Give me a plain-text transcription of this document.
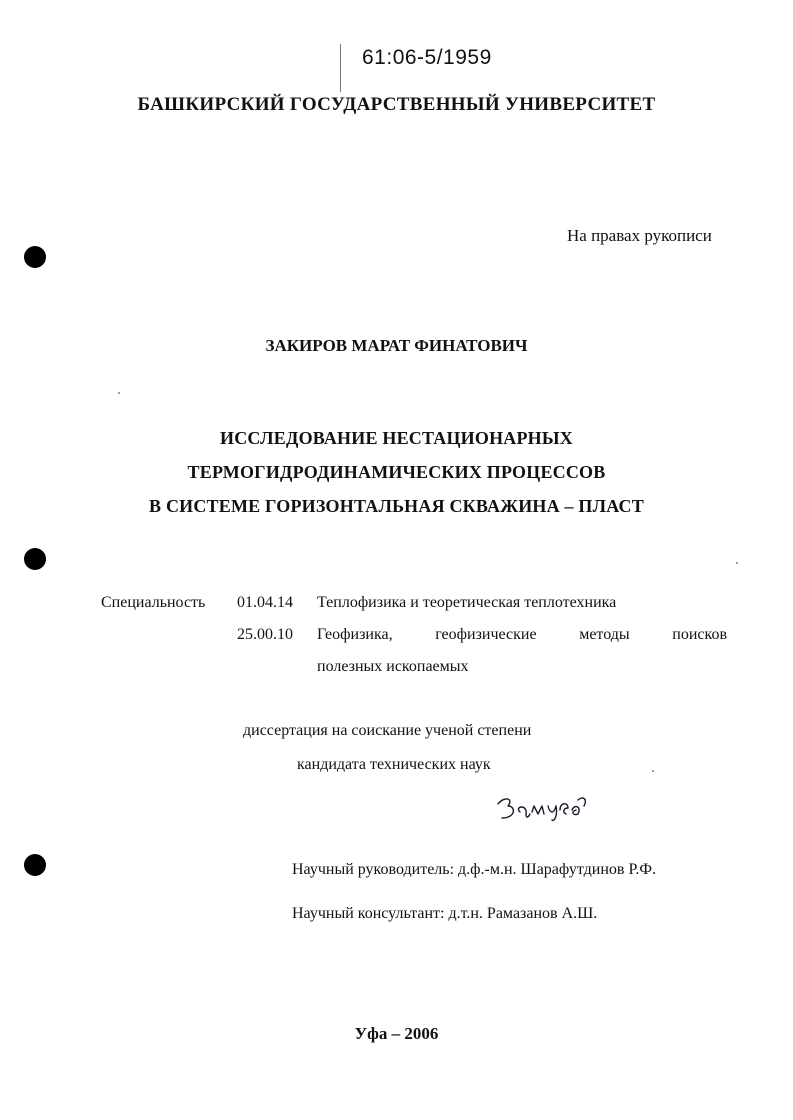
61:06-5/1959
БАШКИРСКИЙ ГОСУДАРСТВЕННЫЙ УНИВЕРСИТЕТ
На правах рукописи
ЗАКИРОВ МАРАТ ФИНАТОВИЧ
ИССЛЕДОВАНИЕ НЕСТАЦИОНАРНЫХ
ТЕРМОГИДРОДИНАМИЧЕСКИХ ПРОЦЕССОВ
В СИСТЕМЕ ГОРИЗОНТАЛЬНАЯ СКВАЖИНА – ПЛАСТ
Специальность 01.04.14 Теплофизика и теоретическая теплотехника
25.00.10 Геофизика, геофизические методы поисков
полезных ископаемых
диссертация на соискание ученой степени
кандидата технических наук
Научный руководитель: д.ф.-м.н. Шарафутдинов Р.Ф.
Научный консультант: д.т.н. Рамазанов А.Ш.
Уфа – 2006
